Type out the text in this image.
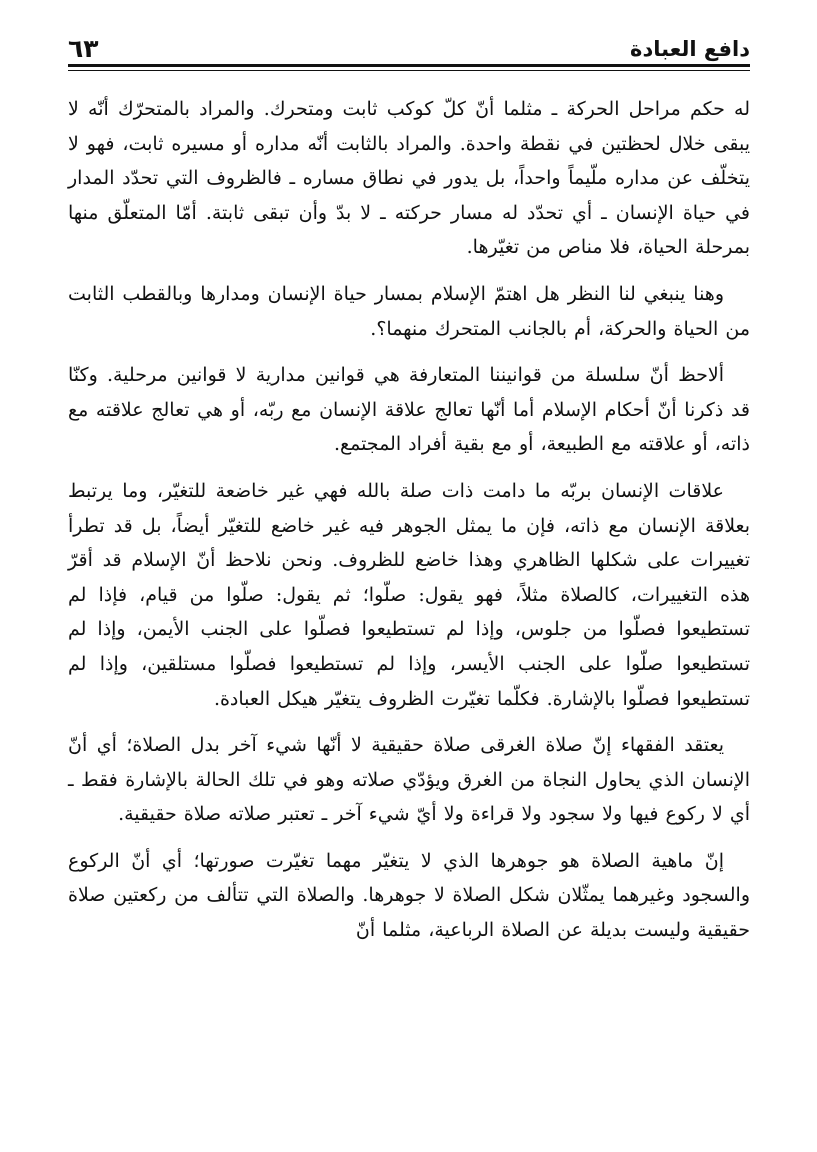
دافع العبادة
٦٣

له حكم مراحل الحركة ـ مثلما أنّ كلّ كوكب ثابت ومتحرك. والمراد بالمتحرّك أنّه لا يبقى خلال لحظتين في نقطة واحدة. والمراد بالثابت أنّه مداره أو مسيره ثابت، فهو لا يتخلّف عن مداره ملّيماً واحداً، بل يدور في نطاق مساره ـ فالظروف التي تحدّد المدار في حياة الإنسان ـ أي تحدّد له مسار حركته ـ لا بدّ وأن تبقى ثابتة. أمّا المتعلّق منها بمرحلة الحياة، فلا مناص من تغيّرها.

وهنا ينبغي لنا النظر هل اهتمّ الإسلام بمسار حياة الإنسان ومدارها وبالقطب الثابت من الحياة والحركة، أم بالجانب المتحرك منهما؟.

ألاحظ أنّ سلسلة من قوانيننا المتعارفة هي قوانين مدارية لا قوانين مرحلية. وكنّا قد ذكرنا أنّ أحكام الإسلام أما أنّها تعالج علاقة الإنسان مع ربّه، أو هي تعالج علاقته مع ذاته، أو علاقته مع الطبيعة، أو مع بقية أفراد المجتمع.

علاقات الإنسان بربّه ما دامت ذات صلة بالله فهي غير خاضعة للتغيّر، وما يرتبط بعلاقة الإنسان مع ذاته، فإن ما يمثل الجوهر فيه غير خاضع للتغيّر أيضاً، بل قد تطرأ تغييرات على شكلها الظاهري وهذا خاضع للظروف. ونحن نلاحظ أنّ الإسلام قد أقرّ هذه التغييرات، كالصلاة مثلاً، فهو يقول: صلّوا؛ ثم يقول: صلّوا من قيام، فإذا لم تستطيعوا فصلّوا من جلوس، وإذا لم تستطيعوا فصلّوا على الجنب الأيمن، وإذا لم تستطيعوا صلّوا على الجنب الأيسر، وإذا لم تستطيعوا فصلّوا مستلقين، وإذا لم تستطيعوا فصلّوا بالإشارة. فكلّما تغيّرت الظروف يتغيّر هيكل العبادة.

يعتقد الفقهاء إنّ صلاة الغرقى صلاة حقيقية لا أنّها شيء آخر بدل الصلاة؛ أي أنّ الإنسان الذي يحاول النجاة من الغرق ويؤدّي صلاته وهو في تلك الحالة بالإشارة فقط ـ أي لا ركوع فيها ولا سجود ولا قراءة ولا أيّ شيء آخر ـ تعتبر صلاته صلاة حقيقية.

إنّ ماهية الصلاة هو جوهرها الذي لا يتغيّر مهما تغيّرت صورتها؛ أي أنّ الركوع والسجود وغيرهما يمثّلان شكل الصلاة لا جوهرها. والصلاة التي تتألف من ركعتين صلاة حقيقية وليست بديلة عن الصلاة الرباعية، مثلما أنّ
